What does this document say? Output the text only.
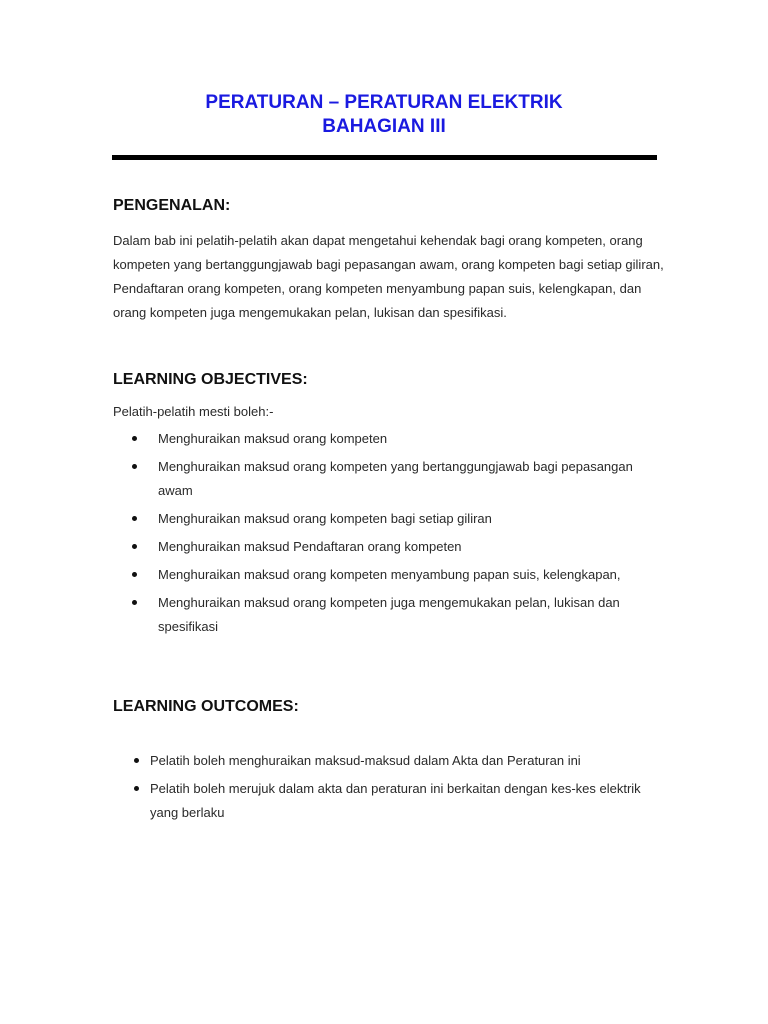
PERATURAN – PERATURAN ELEKTRIK
BAHAGIAN III
PENGENALAN:

Dalam bab ini pelatih-pelatih akan dapat mengetahui kehendak bagi orang kompeten, orang kompeten yang bertanggungjawab bagi pepasangan awam, orang kompeten bagi setiap giliran, Pendaftaran orang kompeten, orang kompeten menyambung papan suis, kelengkapan, dan orang kompeten juga mengemukakan pelan, lukisan dan spesifikasi.

LEARNING OBJECTIVES:

Pelatih-pelatih mesti boleh:-

Menghuraikan maksud orang kompeten
Menghuraikan maksud orang kompeten yang bertanggungjawab bagi pepasangan awam
Menghuraikan maksud orang kompeten bagi setiap giliran
Menghuraikan maksud Pendaftaran orang kompeten
Menghuraikan maksud orang kompeten menyambung papan suis, kelengkapan,
Menghuraikan maksud orang kompeten juga mengemukakan pelan, lukisan dan spesifikasi
LEARNING OUTCOMES:
Pelatih boleh menghuraikan maksud-maksud dalam Akta dan Peraturan ini
Pelatih boleh merujuk dalam akta dan peraturan ini berkaitan dengan kes-kes elektrik yang berlaku
